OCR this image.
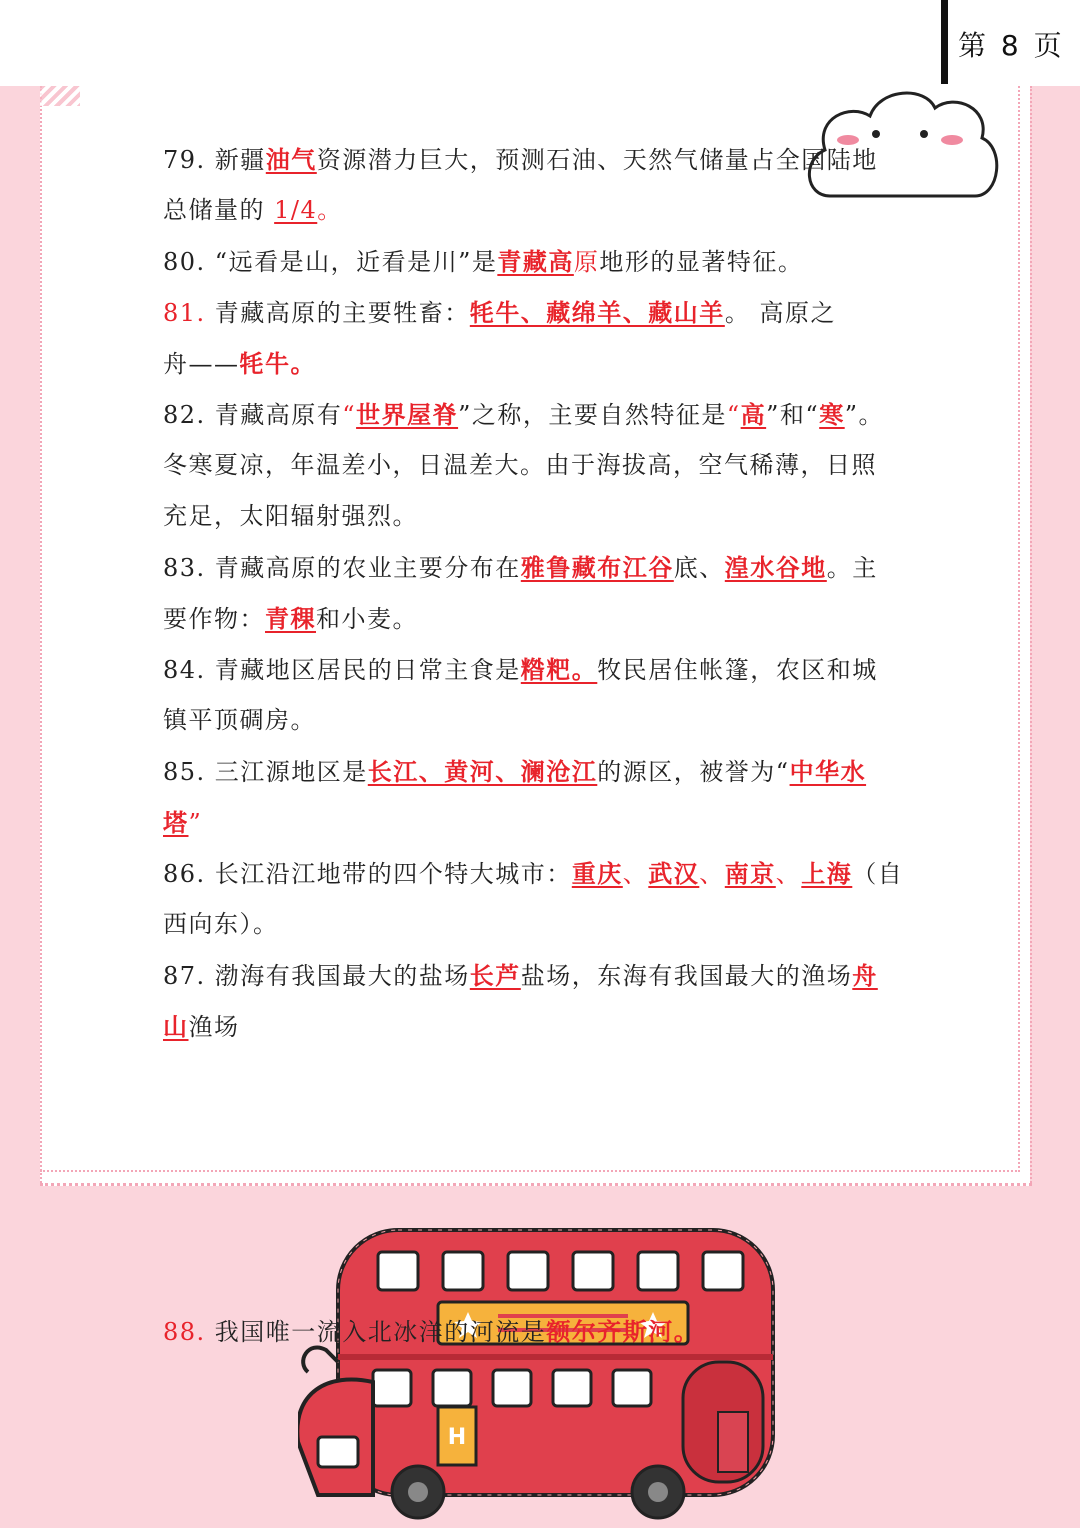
第 8 页
79. 新疆油气资源潜力巨大，预测石油、天然气储量占全国陆地
总储量的 1/4。
80. “远看是山，近看是川”是青藏高原地形的显著特征。
81. 青藏高原的主要牲畜：牦牛、藏绵羊、藏山羊。 高原之
舟——牦牛。
82. 青藏高原有“世界屋脊”之称，主要自然特征是“高”和“寒”。
冬寒夏凉，年温差小，日温差大。由于海拔高，空气稀薄，日照
充足，太阳辐射强烈。
83. 青藏高原的农业主要分布在雅鲁藏布江谷底、湟水谷地。主
要作物：青稞和小麦。
84. 青藏地区居民的日常主食是糌粑。牧民居住帐篷，农区和城
镇平顶碉房。
85. 三江源地区是长江、黄河、澜沧江的源区，被誉为“中华水
塔”
86. 长江沿江地带的四个特大城市：重庆、武汉、南京、上海（自
西向东）。
87. 渤海有我国最大的盐场长芦盐场，东海有我国最大的渔场舟
山渔场
H
88. 我国唯一流入北冰洋的河流是额尔齐斯河。
